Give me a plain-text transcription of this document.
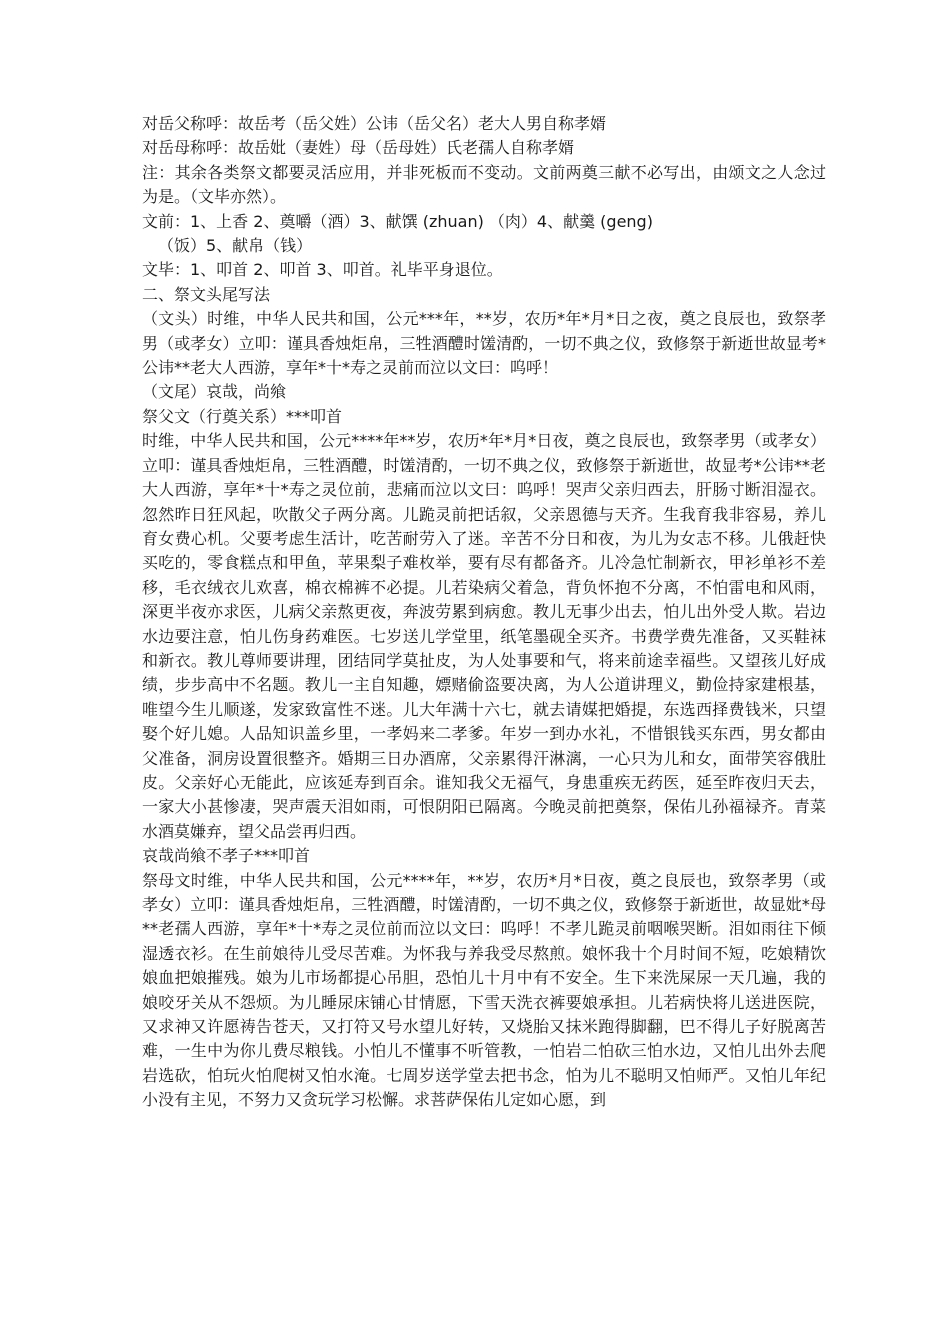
对岳父称呼：故岳考（岳父姓）公讳（岳父名）老大人男自称孝婿

对岳母称呼：故岳妣（妻姓）母（岳母姓）氏老孺人自称孝婿

注：其余各类祭文都要灵活应用，并非死板而不变动。文前两奠三献不必写出，由颂文之人念过为是。（文毕亦然）。

文前：1、上香 2、奠嚼（酒）3、献馔 (zhuan) （肉）4、献羹 (geng)

（饭）5、献帛（钱）

文毕：1、叩首 2、叩首 3、叩首。礼毕平身退位。

二、祭文头尾写法

（文头）时维，中华人民共和国，公元***年，**岁，农历*年*月*日之夜，奠之良辰也，致祭孝男（或孝女）立叩：谨具香烛炬帛，三牲酒醴时馐清酌，一切不典之仪，致修祭于新逝世故显考*公讳**老大人西游，享年*十*寿之灵前而泣以文曰：呜呼！

（文尾）哀哉，尚飨

祭父文（行奠关系）***叩首

时维，中华人民共和国，公元****年**岁，农历*年*月*日夜，奠之良辰也，致祭孝男（或孝女）立叩：谨具香烛炬帛，三牲酒醴，时馐清酌，一切不典之仪，致修祭于新逝世，故显考*公讳**老大人西游，享年*十*寿之灵位前，悲痛而泣以文曰：呜呼！哭声父亲归西去，肝肠寸断泪湿衣。忽然昨日狂风起，吹散父子两分离。儿跪灵前把话叙，父亲恩德与天齐。生我育我非容易，养儿育女费心机。父要考虑生活计，吃苦耐劳入了迷。辛苦不分日和夜，为儿为女志不移。儿俄赶快买吃的，零食糕点和甲鱼，苹果梨子难枚举，要有尽有都备齐。儿冷急忙制新衣，甲衫单衫不差移，毛衣绒衣儿欢喜，棉衣棉裤不必提。儿若染病父着急，背负怀抱不分离，不怕雷电和风雨，深更半夜亦求医，儿病父亲熬更夜，奔波劳累到病愈。教儿无事少出去，怕儿出外受人欺。岩边水边要注意，怕儿伤身药难医。七岁送儿学堂里，纸笔墨砚全买齐。书费学费先准备，又买鞋袜和新衣。教儿尊师要讲理，团结同学莫扯皮，为人处事要和气，将来前途幸福些。又望孩儿好成绩，步步高中不名题。教儿一主自知趣，嫖赌偷盗要决离，为人公道讲理义，勤俭持家建根基，唯望今生儿顺遂，发家致富性不迷。儿大年满十六七，就去请媒把婚提，东选西择费钱米，只望娶个好儿媳。人品知识盖乡里，一孝妈来二孝爹。年岁一到办水礼，不惜银钱买东西，男女都由父准备，洞房设置很整齐。婚期三日办酒席，父亲累得汗淋漓，一心只为儿和女，面带笑容俄肚皮。父亲好心无能此，应该延寿到百余。谁知我父无福气，身患重疾无药医，延至昨夜归天去，一家大小甚惨凄，哭声震天泪如雨，可恨阴阳已隔离。今晚灵前把奠祭，保佑儿孙福禄齐。青菜水酒莫嫌弃，望父品尝再归西。

哀哉尚飨不孝子***叩首

祭母文时维，中华人民共和国，公元****年，**岁，农历*月*日夜，奠之良辰也，致祭孝男（或孝女）立叩：谨具香烛炬帛，三牲酒醴，时馐清酌，一切不典之仪，致修祭于新逝世，故显妣*母**老孺人西游，享年*十*寿之灵位前而泣以文曰：呜呼！不孝儿跪灵前咽喉哭断。泪如雨往下倾湿透衣衫。在生前娘待儿受尽苦难。为怀我与养我受尽熬煎。娘怀我十个月时间不短，吃娘精饮娘血把娘摧残。娘为儿市场都提心吊胆，恐怕儿十月中有不安全。生下来洗屎尿一天几遍，我的娘咬牙关从不怨烦。为儿睡尿床铺心甘情愿，下雪天洗衣裤要娘承担。儿若病快将儿送进医院，又求神又许愿祷告苍天，又打符又号水望儿好转，又烧胎又抹米跑得脚翻，巴不得儿子好脱离苦难，一生中为你儿费尽粮钱。小怕儿不懂事不听管教，一怕岩二怕砍三怕水边，又怕儿出外去爬岩选砍，怕玩火怕爬树又怕水淹。七周岁送学堂去把书念，怕为儿不聪明又怕师严。又怕儿年纪小没有主见，不努力又贪玩学习松懈。求菩萨保佑儿定如心愿，到
